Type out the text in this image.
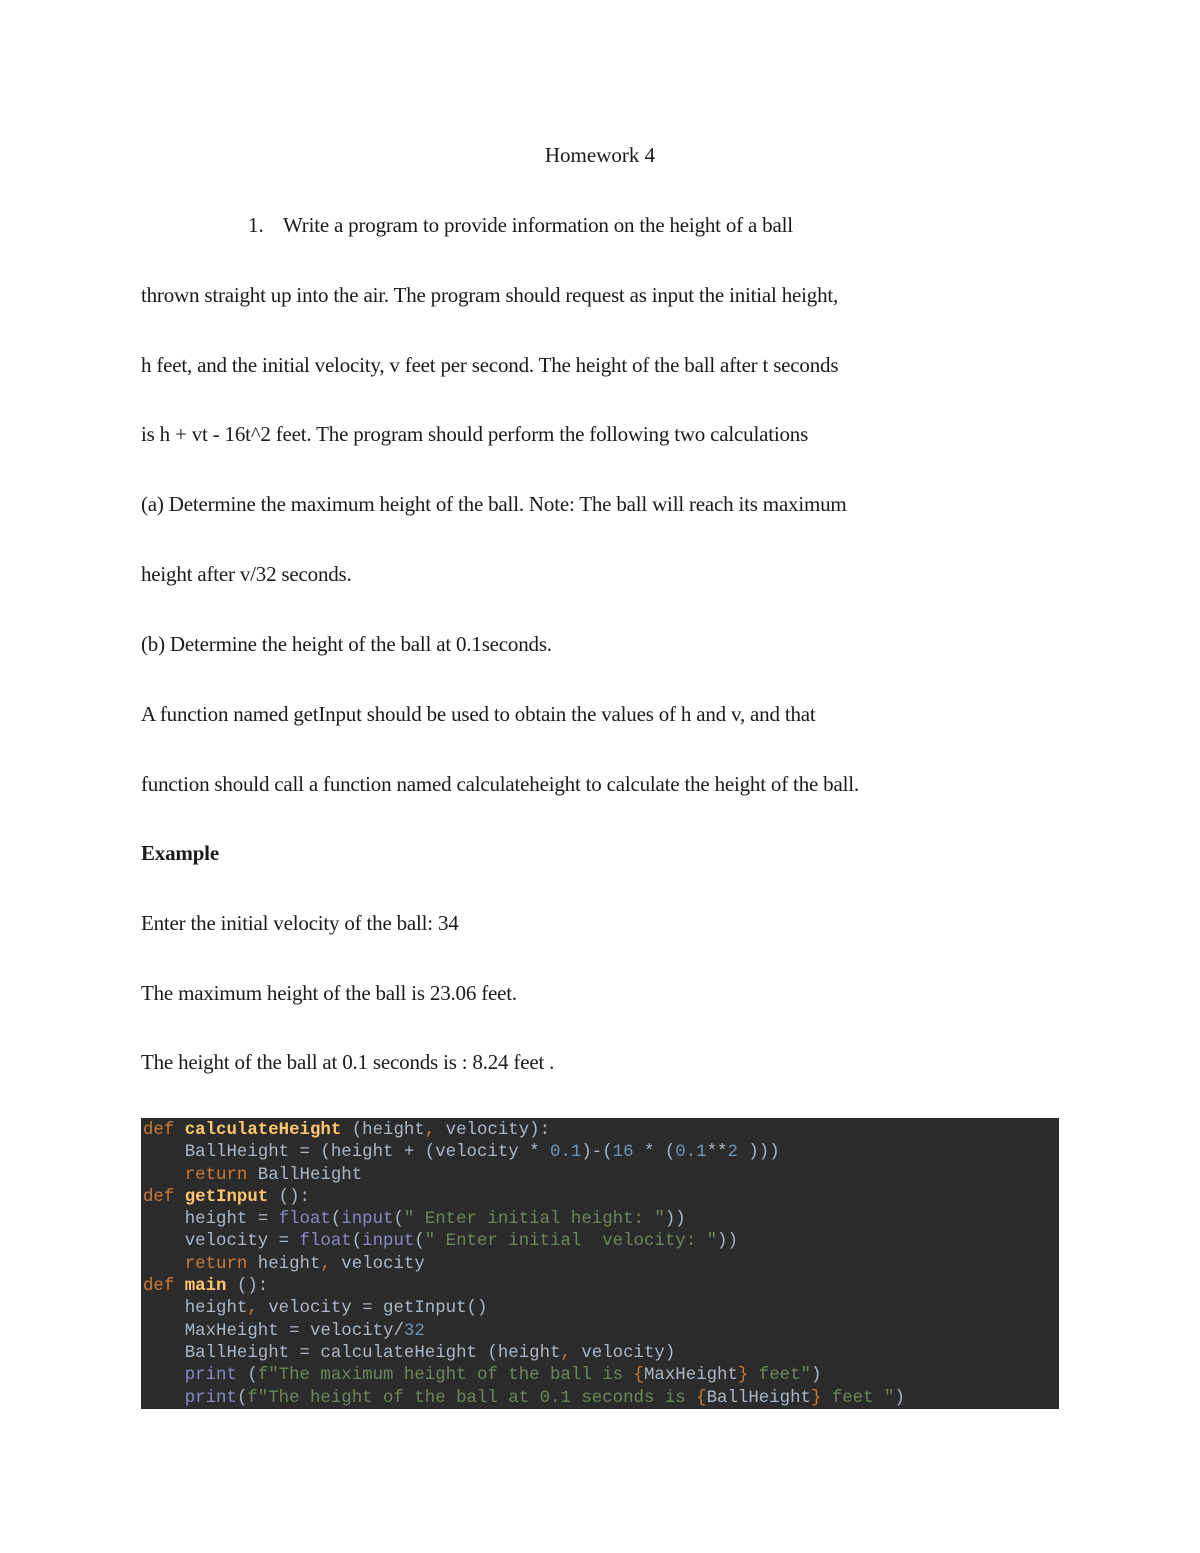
Homework 4
1. Write a program to provide information on the height of a ball
thrown straight up into the air. The program should request as input the initial height,
h feet, and the initial velocity, v feet per second. The height of the ball after t seconds
is h + vt - 16t^2 feet. The program should perform the following two calculations
(a) Determine the maximum height of the ball. Note: The ball will reach its maximum
height after v/32 seconds.
(b) Determine the height of the ball at 0.1seconds.
A function named getInput should be used to obtain the values of h and v, and that
function should call a function named calculateheight to calculate the height of the ball.
Example
Enter the initial velocity of the ball: 34
The maximum height of the ball is 23.06 feet.
The height of the ball at 0.1 seconds is : 8.24 feet .
def calculateHeight (height, velocity):
BallHeight = (height + (velocity * 0.1)-(16 * (0.1**2 )))
return BallHeight
def getInput ():
height = float(input(" Enter initial height: "))
velocity = float(input(" Enter initial  velocity: "))
return height, velocity
def main ():
height, velocity = getInput()
MaxHeight = velocity/32
BallHeight = calculateHeight (height, velocity)
print (f"The maximum height of the ball is {MaxHeight} feet")
print(f"The height of the ball at 0.1 seconds is {BallHeight} feet ")
